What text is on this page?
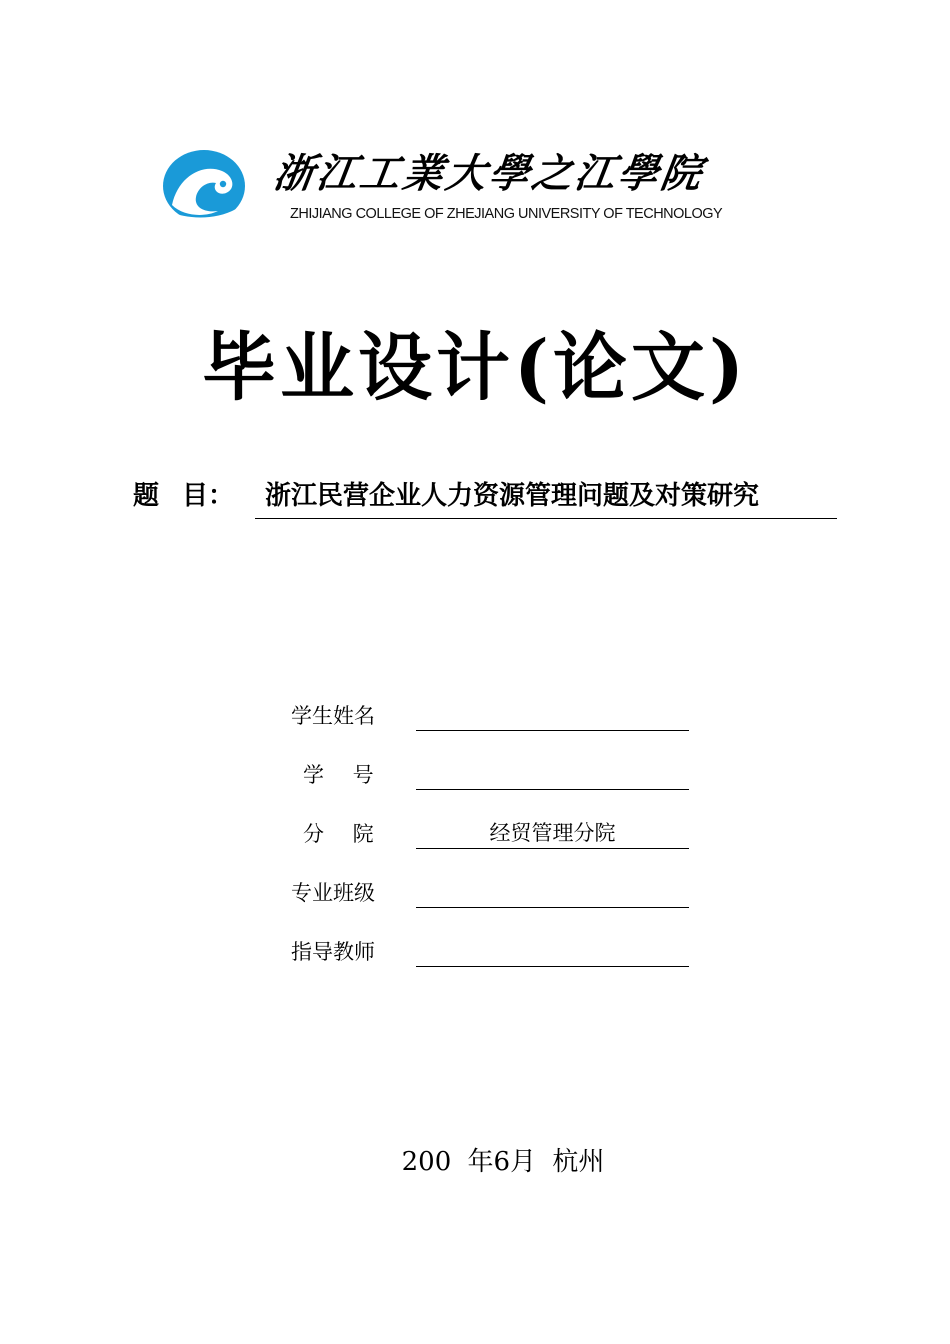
浙江工業大學之江學院
ZHIJIANG COLLEGE OF ZHEJIANG UNIVERSITY OF TECHNOLOGY
毕业设计(论文)
题 目：	浙江民营企业人力资源管理问题及对策研究
学生姓名
学 号
分 院	经贸管理分院
专业班级
指导教师
200 年6月 杭州
